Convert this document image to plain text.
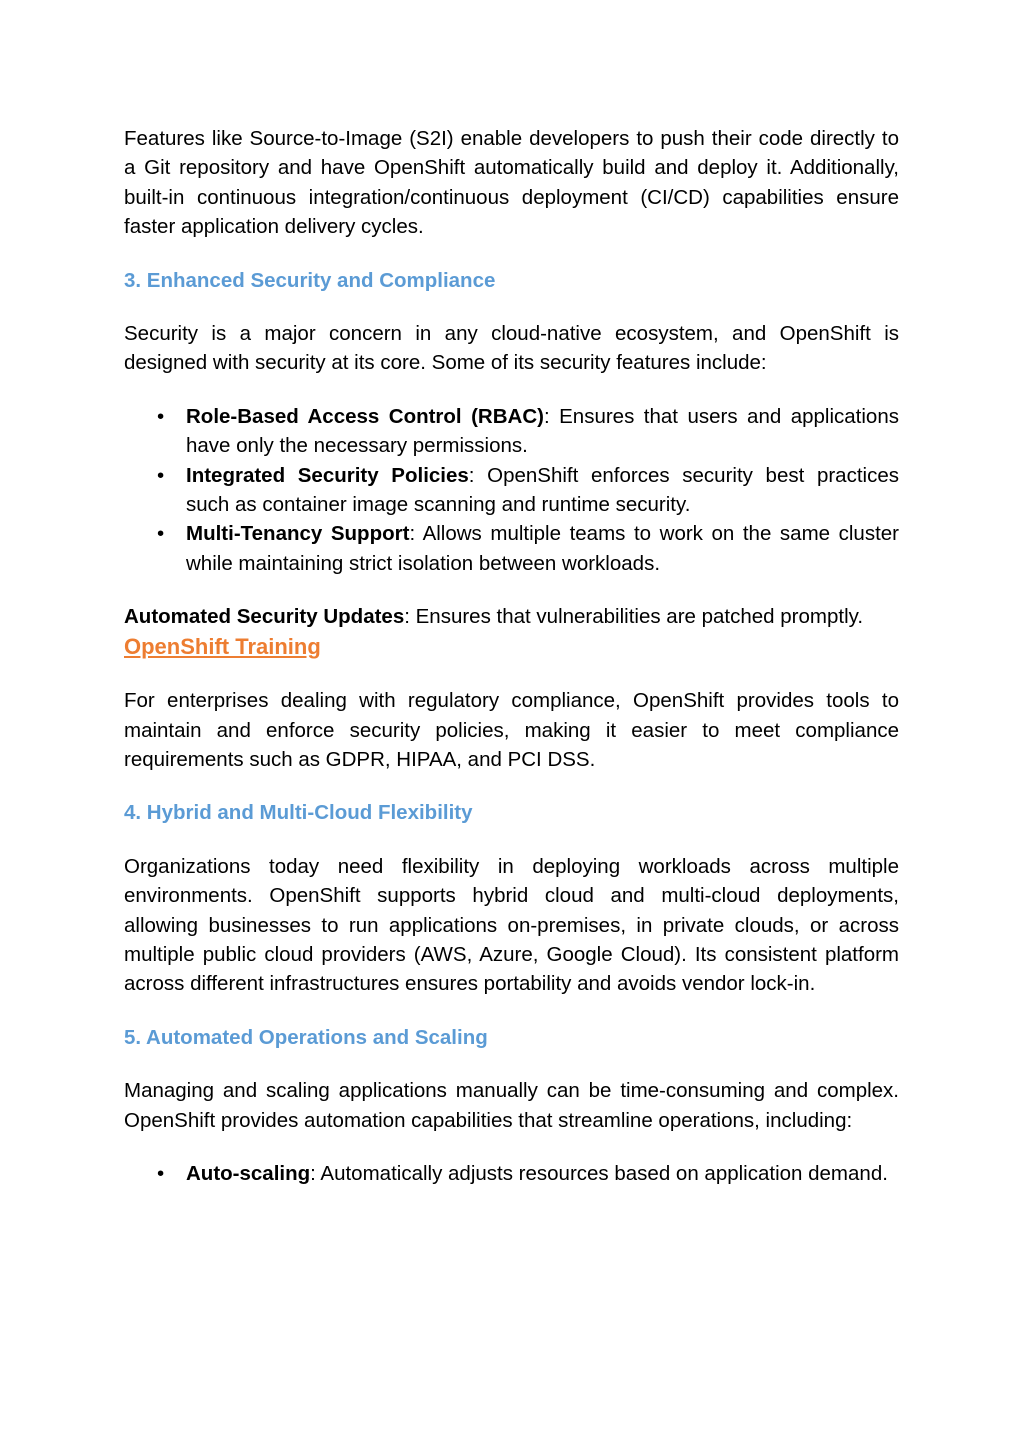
Features like Source-to-Image (S2I) enable developers to push their code directly to a Git repository and have OpenShift automatically build and deploy it. Additionally, built-in continuous integration/continuous deployment (CI/CD) capabilities ensure faster application delivery cycles.

3. Enhanced Security and Compliance

Security is a major concern in any cloud-native ecosystem, and OpenShift is designed with security at its core. Some of its security features include:

• Role-Based Access Control (RBAC): Ensures that users and applications have only the necessary permissions.
• Integrated Security Policies: OpenShift enforces security best practices such as container image scanning and runtime security.
• Multi-Tenancy Support: Allows multiple teams to work on the same cluster while maintaining strict isolation between workloads.

Automated Security Updates: Ensures that vulnerabilities are patched promptly. OpenShift Training

For enterprises dealing with regulatory compliance, OpenShift provides tools to maintain and enforce security policies, making it easier to meet compliance requirements such as GDPR, HIPAA, and PCI DSS.

4. Hybrid and Multi-Cloud Flexibility

Organizations today need flexibility in deploying workloads across multiple environments. OpenShift supports hybrid cloud and multi-cloud deployments, allowing businesses to run applications on-premises, in private clouds, or across multiple public cloud providers (AWS, Azure, Google Cloud). Its consistent platform across different infrastructures ensures portability and avoids vendor lock-in.

5. Automated Operations and Scaling

Managing and scaling applications manually can be time-consuming and complex. OpenShift provides automation capabilities that streamline operations, including:

• Auto-scaling: Automatically adjusts resources based on application demand.
